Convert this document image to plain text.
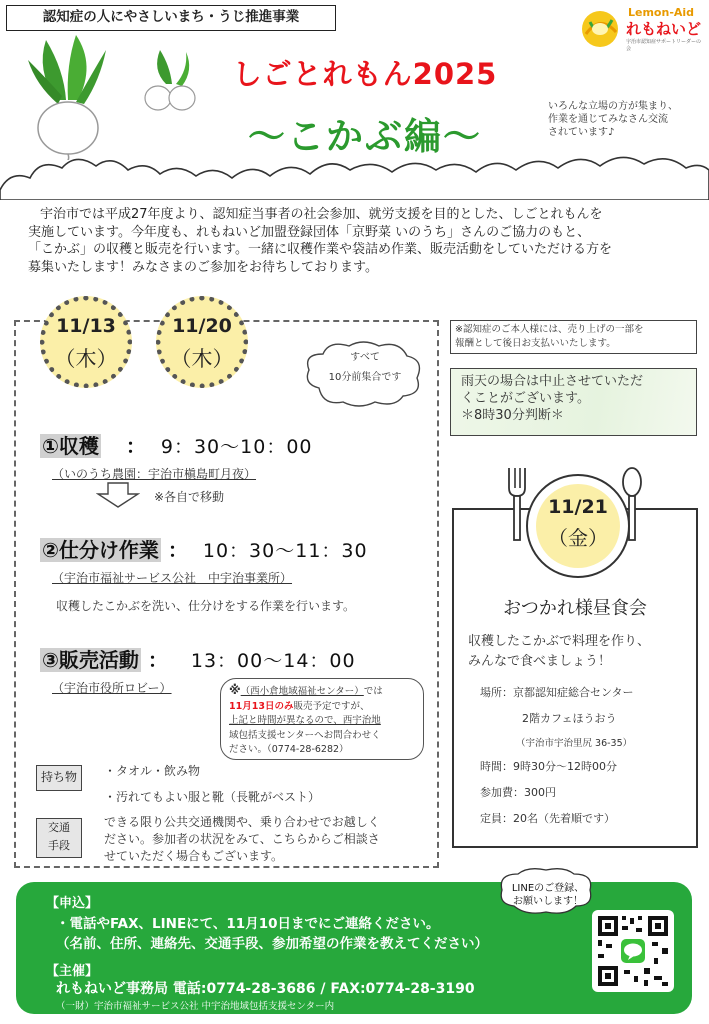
認知症の人にやさしいまち・うじ推進事業	Lemon-Aid
れもねいど
宇治市認知症サポートリーダーの会
しごとれもん2025
〜こかぶ編〜
いろんな立場の方が集まり、
作業を通じてみなさん交流
されています♪
宇治市では平成27年度より、認知症当事者の社会参加、就労支援を目的とした、しごとれもんを
実施しています。今年度も、れもねいど加盟登録団体「京野菜 いのうち」さんのご協力のもと、
「こかぶ」の収穫と販売を行います。一緒に収穫作業や袋詰め作業、販売活動をしていただける方を
募集いたします！みなさまのご参加をお待ちしております。
11/13
（木）
11/20
（木）	すべて
10分前集合です
①収穫 ： 9：30〜10：00
（いのうち農園：宇治市槇島町月夜）
※各自で移動
②仕分け作業 ： 10：30〜11：30
（宇治市福祉サービス公社　中宇治事業所）
収穫したこかぶを洗い、仕分けをする作業を行います。
③販売活動 ： 13：00〜14：00
（宇治市役所ロビー）	※（西小倉地域福祉センター）では
11月13日のみ販売予定ですが、
上記と時間が異なるので、西宇治地
域包括支援センターへお問合わせく
ださい。（0774-28-6282）
持ち物	・タオル・飲み物
・汚れてもよい服と靴（長靴がベスト）
交通
手段
できる限り公共交通機関や、乗り合わせでお越しく
ださい。参加者の状況をみて、こちらからご相談さ
せていただく場合もございます。
※認知症のご本人様には、売り上げの一部を
報酬として後日お支払いいたします。
雨天の場合は中止させていただ
くことがございます。
＊8時30分判断＊
11/21
（金）
おつかれ様昼食会
収穫したこかぶで料理を作り、
みんなで食べましょう！
場所：京都認知症総合センター
2階カフェほうおう
（宇治市宇治里尻 36-35）
時間：9時30分〜12時00分
参加費：300円
定員：20名（先着順です）
【申込】
・電話やFAX、LINEにて、11月10日までにご連絡ください。
（名前、住所、連絡先、交通手段、参加希望の作業を教えてください）
【主催】
れもねいど事務局 電話:0774-28-3686 / FAX:0774-28-3190
（一財）宇治市福祉サービス公社 中宇治地域包括支援センター内
LINEのご登録、
お願いします！
